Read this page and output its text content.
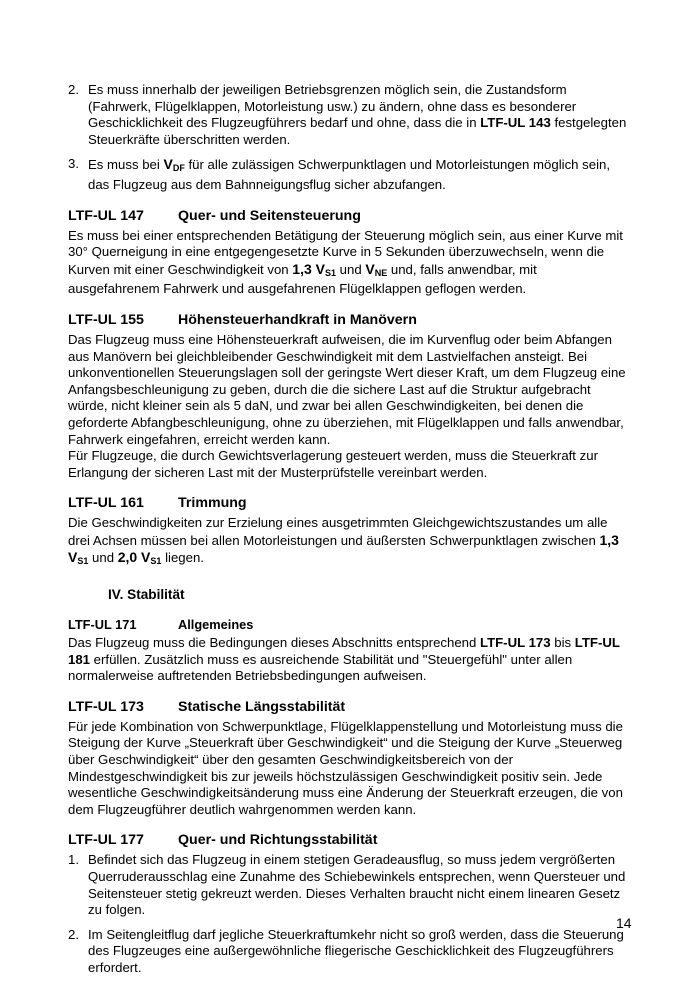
2. Es muss innerhalb der jeweiligen Betriebsgrenzen möglich sein, die Zustandsform (Fahrwerk, Flügelklappen, Motorleistung usw.) zu ändern, ohne dass es besonderer Geschicklichkeit des Flugzeugführers bedarf und ohne, dass die in LTF-UL 143 festgelegten Steuerkräfte überschritten werden.
3. Es muss bei $V_{DF}$ für alle zulässigen Schwerpunktlagen und Motorleistungen möglich sein, das Flugzeug aus dem Bahnneigungsflug sicher abzufangen.
LTF-UL 147	Quer- und Seitensteuerung

Es muss bei einer entsprechenden Betätigung der Steuerung möglich sein, aus einer Kurve mit 30° Querneigung in eine entgegengesetzte Kurve in 5 Sekunden überzuwechseln, wenn die Kurven mit einer Geschwindigkeit von 1,3 $V_{S1}$ und $V_{NE}$ und, falls anwendbar, mit ausgefahrenem Fahrwerk und ausgefahrenen Flügelklappen geflogen werden.

LTF-UL 155	Höhensteuerhandkraft in Manövern

Das Flugzeug muss eine Höhensteuerkraft aufweisen, die im Kurvenflug oder beim Abfangen aus Manövern bei gleichbleibender Geschwindigkeit mit dem Lastvielfachen ansteigt. Bei unkonventionellen Steuerungslagen soll der geringste Wert dieser Kraft, um dem Flugzeug eine Anfangsbeschleunigung zu geben, durch die die sichere Last auf die Struktur aufgebracht würde, nicht kleiner sein als 5 daN, und zwar bei allen Geschwindigkeiten, bei denen die geforderte Abfangbeschleunigung, ohne zu überziehen, mit Flügelklappen und falls anwendbar, Fahrwerk eingefahren, erreicht werden kann.

Für Flugzeuge, die durch Gewichtsverlagerung gesteuert werden, muss die Steuerkraft zur Erlangung der sicheren Last mit der Musterprüfstelle vereinbart werden.

LTF-UL 161	Trimmung

Die Geschwindigkeiten zur Erzielung eines ausgetrimmten Gleichgewichtszustandes um alle drei Achsen müssen bei allen Motorleistungen und äußersten Schwerpunktlagen zwischen 1,3 $V_{S1}$ und 2,0 $V_{S1}$ liegen.

IV. Stabilität
LTF-UL 171	Allgemeines

Das Flugzeug muss die Bedingungen dieses Abschnitts entsprechend LTF-UL 173 bis LTF-UL 181 erfüllen. Zusätzlich muss es ausreichende Stabilität und "Steuergefühl" unter allen normalerweise auftretenden Betriebsbedingungen aufweisen.

LTF-UL 173	Statische Längsstabilität

Für jede Kombination von Schwerpunktlage, Flügelklappenstellung und Motorleistung muss die Steigung der Kurve „Steuerkraft über Geschwindigkeit“ und die Steigung der Kurve „Steuerweg über Geschwindigkeit“ über den gesamten Geschwindigkeitsbereich von der Mindestgeschwindigkeit bis zur jeweils höchstzulässigen Geschwindigkeit positiv sein. Jede wesentliche Geschwindigkeitsänderung muss eine Änderung der Steuerkraft erzeugen, die von dem Flugzeugführer deutlich wahrgenommen werden kann.

LTF-UL 177	Quer- und Richtungsstabilität
1. Befindet sich das Flugzeug in einem stetigen Geradeausflug, so muss jedem vergrößerten Querruderausschlag eine Zunahme des Schiebewinkels entsprechen, wenn Quersteuer und Seitensteuer stetig gekreuzt werden. Dieses Verhalten braucht nicht einem linearen Gesetz zu folgen.
2. Im Seitengleitflug darf jegliche Steuerkraftumkehr nicht so groß werden, dass die Steuerung des Flugzeuges eine außergewöhnliche fliegerische Geschicklichkeit des Flugzeugführers erfordert.
14
